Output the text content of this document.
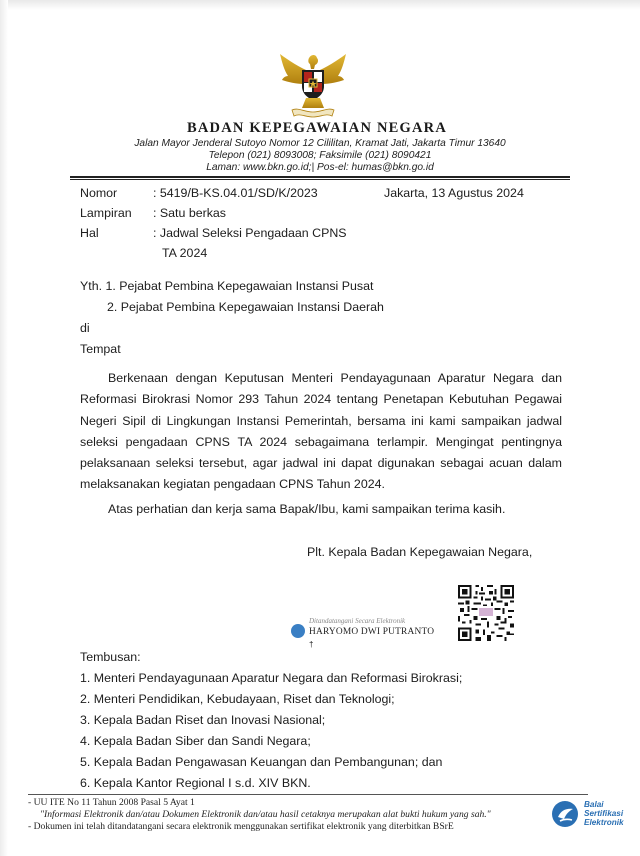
BADAN KEPEGAWAIAN NEGARA
Jalan Mayor Jenderal Sutoyo Nomor 12 Cililitan, Kramat Jati, Jakarta Timur 13640
Telepon (021) 8093008; Faksimile (021) 8090421
Laman: www.bkn.go.id;| Pos-el: humas@bkn.go.id
Nomor	: 5419/B-KS.04.01/SD/K/2023	Jakarta, 13 Agustus 2024
Lampiran : Satu berkas
Hal	: Jadwal Seleksi Pengadaan CPNS
TA 2024
Yth. 1. Pejabat Pembina Kepegawaian Instansi Pusat
2. Pejabat Pembina Kepegawaian Instansi Daerah
di
Tempat
Berkenaan dengan Keputusan Menteri Pendayagunaan Aparatur Negara dan
Reformasi Birokrasi Nomor 293 Tahun 2024 tentang Penetapan Kebutuhan Pegawai
Negeri Sipil di Lingkungan Instansi Pemerintah, bersama ini kami sampaikan jadwal
seleksi pengadaan CPNS TA 2024 sebagaimana terlampir. Mengingat pentingnya
pelaksanaan seleksi tersebut, agar jadwal ini dapat digunakan sebagai acuan dalam
melaksanakan kegiatan pengadaan CPNS Tahun 2024.
Atas perhatian dan kerja sama Bapak/Ibu, kami sampaikan terima kasih.
Plt. Kepala Badan Kepegawaian Negara,
Ditandatangani Secara Elektronik
HARYOMO DWI PUTRANTO
†
Tembusan:
1. Menteri Pendayagunaan Aparatur Negara dan Reformasi Birokrasi;
2. Menteri Pendidikan, Kebudayaan, Riset dan Teknologi;
3. Kepala Badan Riset dan Inovasi Nasional;
4. Kepala Badan Siber dan Sandi Negara;
5. Kepala Badan Pengawasan Keuangan dan Pembangunan; dan
6. Kepala Kantor Regional I s.d. XIV BKN.
- UU ITE No 11 Tahun 2008 Pasal 5 Ayat 1
"Informasi Elektronik dan/atau Dokumen Elektronik dan/atau hasil cetaknya merupakan alat bukti hukum yang sah."
- Dokumen ini telah ditandatangani secara elektronik menggunakan sertifikat elektronik yang diterbitkan BSrE
Balai
Sertifikasi
Elektronik
